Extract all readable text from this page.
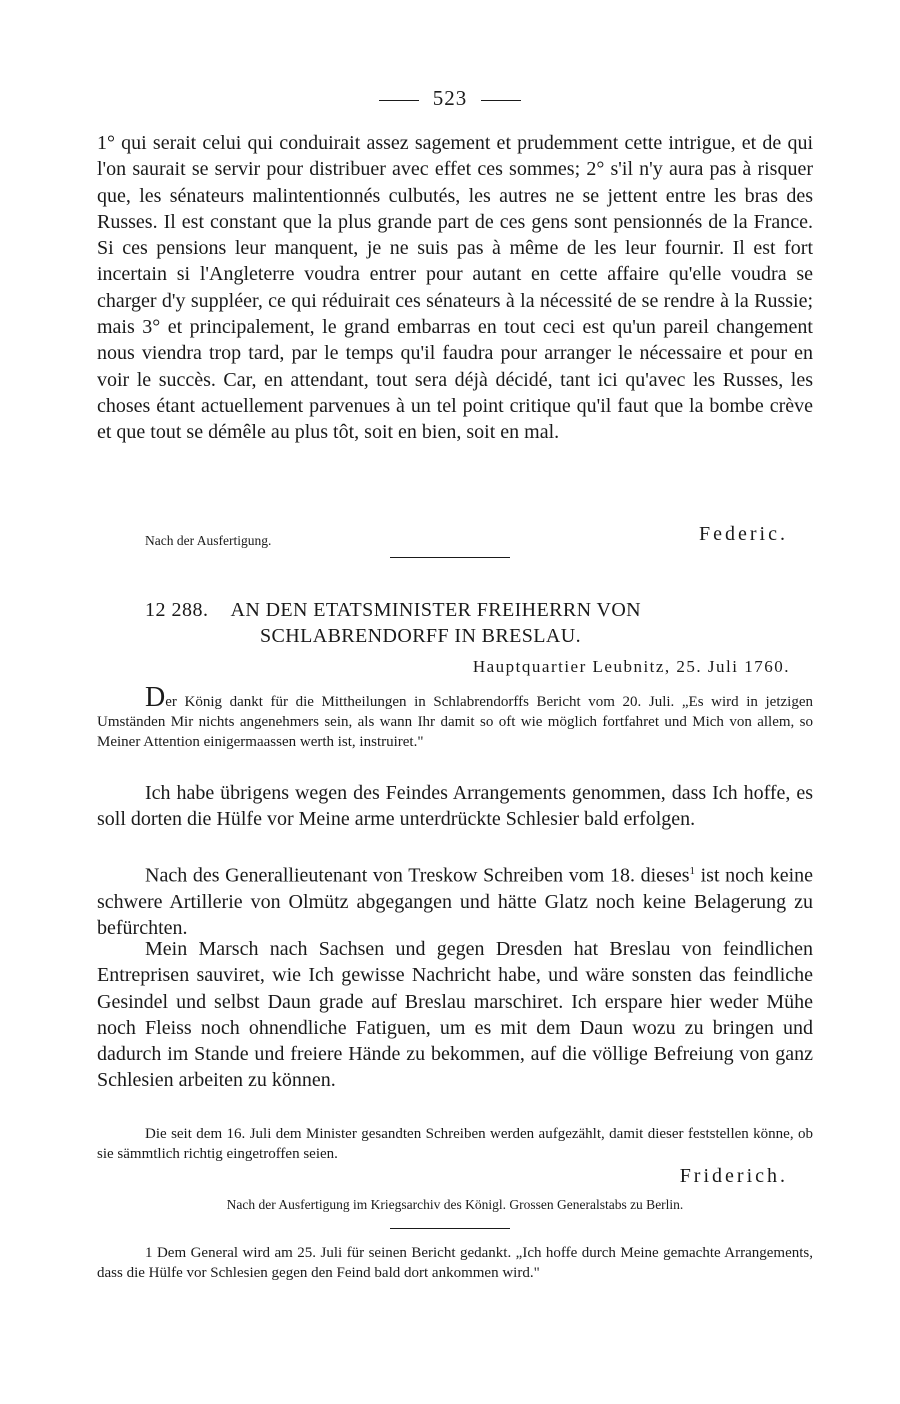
523

1° qui serait celui qui conduirait assez sagement et prudemment cette intrigue, et de qui l'on saurait se servir pour distribuer avec effet ces sommes; 2° s'il n'y aura pas à risquer que, les sénateurs malintentionnés culbutés, les autres ne se jettent entre les bras des Russes. Il est constant que la plus grande part de ces gens sont pensionnés de la France. Si ces pensions leur manquent, je ne suis pas à même de les leur fournir. Il est fort incertain si l'Angleterre voudra entrer pour autant en cette affaire qu'elle voudra se charger d'y suppléer, ce qui réduirait ces sénateurs à la nécessité de se rendre à la Russie; mais 3° et principalement, le grand embarras en tout ceci est qu'un pareil changement nous viendra trop tard, par le temps qu'il faudra pour arranger le nécessaire et pour en voir le succès. Car, en attendant, tout sera déjà décidé, tant ici qu'avec les Russes, les choses étant actuellement parvenues à un tel point critique qu'il faut que la bombe crève et que tout se démêle au plus tôt, soit en bien, soit en mal.

Nach der Ausfertigung.	Federic.
12 288. AN DEN ETATSMINISTER FREIHERRN VON
SCHLABRENDORFF IN BRESLAU.
Hauptquartier Leubnitz, 25. Juli 1760.

Der König dankt für die Mittheilungen in Schlabrendorffs Bericht vom 20. Juli. „Es wird in jetzigen Umständen Mir nichts angenehmers sein, als wann Ihr damit so oft wie möglich fortfahret und Mich von allem, so Meiner Attention einigermaassen werth ist, instruiret."

Ich habe übrigens wegen des Feindes Arrangements genommen, dass Ich hoffe, es soll dorten die Hülfe vor Meine arme unterdrückte Schlesier bald erfolgen.

Nach des Generallieutenant von Treskow Schreiben vom 18. dieses$^1$ ist noch keine schwere Artillerie von Olmütz abgegangen und hätte Glatz noch keine Belagerung zu befürchten.

Mein Marsch nach Sachsen und gegen Dresden hat Breslau von feindlichen Entreprisen sauviret, wie Ich gewisse Nachricht habe, und wäre sonsten das feindliche Gesindel und selbst Daun grade auf Breslau marschiret. Ich erspare hier weder Mühe noch Fleiss noch ohnendliche Fatiguen, um es mit dem Daun wozu zu bringen und dadurch im Stande und freiere Hände zu bekommen, auf die völlige Befreiung von ganz Schlesien arbeiten zu können.

Die seit dem 16. Juli dem Minister gesandten Schreiben werden aufgezählt, damit dieser feststellen könne, ob sie sämmtlich richtig eingetroffen seien.

Friderich.
Nach der Ausfertigung im Kriegsarchiv des Königl. Grossen Generalstabs zu Berlin.

1 Dem General wird am 25. Juli für seinen Bericht gedankt. „Ich hoffe durch Meine gemachte Arrangements, dass die Hülfe vor Schlesien gegen den Feind bald dort ankommen wird."
